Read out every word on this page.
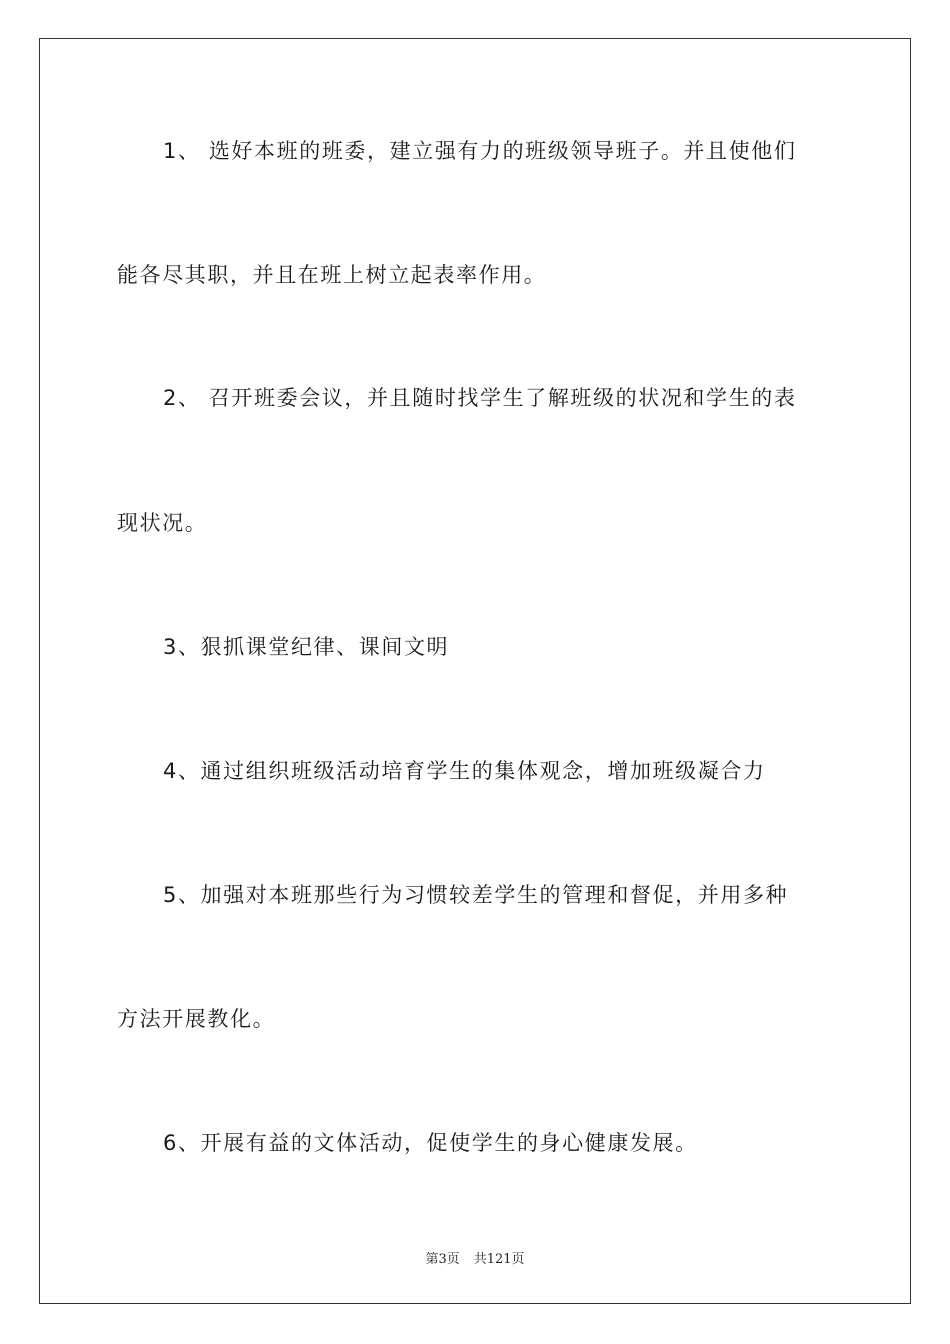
1、 选好本班的班委，建立强有力的班级领导班子。并且使他们
能各尽其职，并且在班上树立起表率作用。
2、 召开班委会议，并且随时找学生了解班级的状况和学生的表
现状况。
3、狠抓课堂纪律、课间文明
4、通过组织班级活动培育学生的集体观念，增加班级凝合力
5、加强对本班那些行为习惯较差学生的管理和督促，并用多种
方法开展教化。
6、开展有益的文体活动，促使学生的身心健康发展。
第3页 共121页
